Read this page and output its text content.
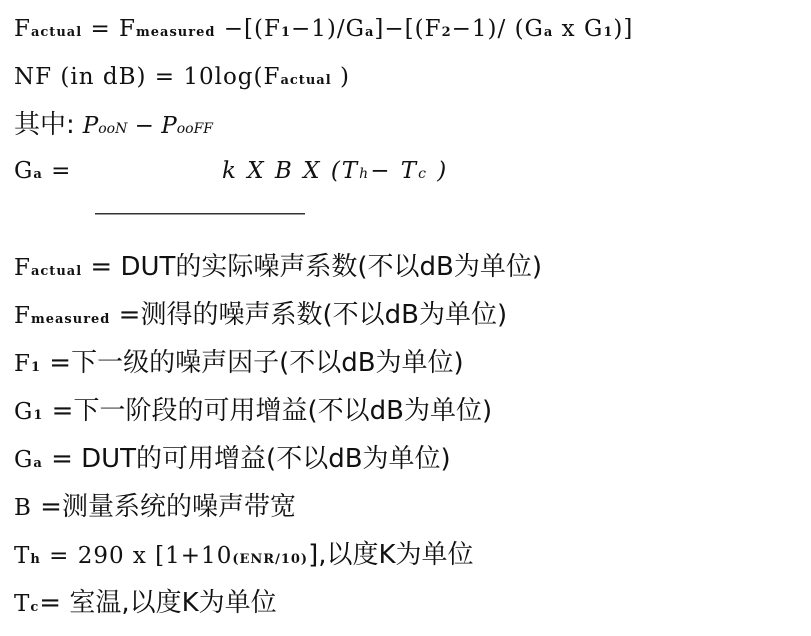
Factual = Fmeasured −[(F1−1)/Ga]−[(F2−1)/ (Ga x G1)]
NF (in dB) = 10log(Factual )
其中: PooN − PooFF
Ga =	k X B X (Th− Tc )
——————————
Factual = DUT的实际噪声系数(不以dB为单位)
Fmeasured =测得的噪声系数(不以dB为单位)
F1 =下一级的噪声因子(不以dB为单位)
G1 =下一阶段的可用增益(不以dB为单位)
Ga = DUT的可用增益(不以dB为单位)
B =测量系统的噪声带宽
Th = 290 x [1+10(ENR/10)],以度K为单位
Tc= 室温,以度K为单位
